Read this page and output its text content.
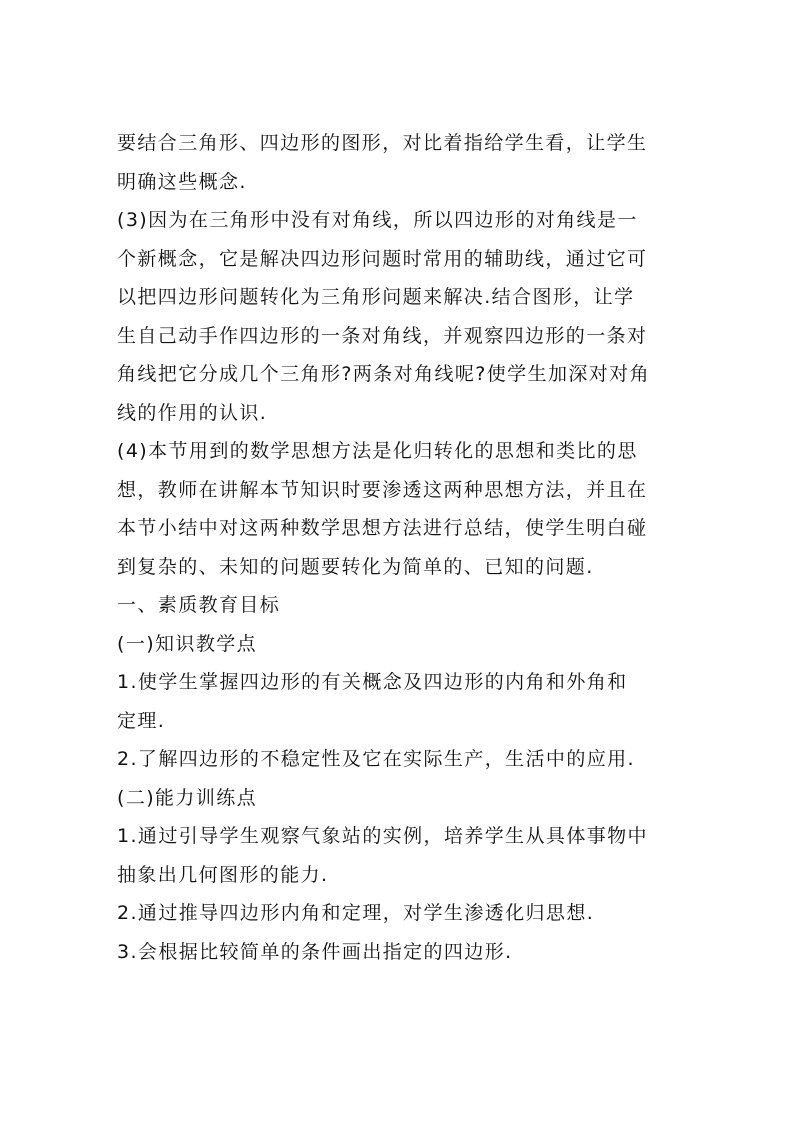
要结合三角形、四边形的图形，对比着指给学生看，让学生
明确这些概念.
(3)因为在三角形中没有对角线，所以四边形的对角线是一
个新概念，它是解决四边形问题时常用的辅助线，通过它可
以把四边形问题转化为三角形问题来解决.结合图形，让学
生自己动手作四边形的一条对角线，并观察四边形的一条对
角线把它分成几个三角形?两条对角线呢?使学生加深对对角
线的作用的认识.
(4)本节用到的数学思想方法是化归转化的思想和类比的思
想，教师在讲解本节知识时要渗透这两种思想方法，并且在
本节小结中对这两种数学思想方法进行总结，使学生明白碰
到复杂的、未知的问题要转化为简单的、已知的问题.
一、素质教育目标
(一)知识教学点
1.使学生掌握四边形的有关概念及四边形的内角和外角和
定理.
2.了解四边形的不稳定性及它在实际生产，生活中的应用.
(二)能力训练点
1.通过引导学生观察气象站的实例，培养学生从具体事物中
抽象出几何图形的能力.
2.通过推导四边形内角和定理，对学生渗透化归思想.
3.会根据比较简单的条件画出指定的四边形.
